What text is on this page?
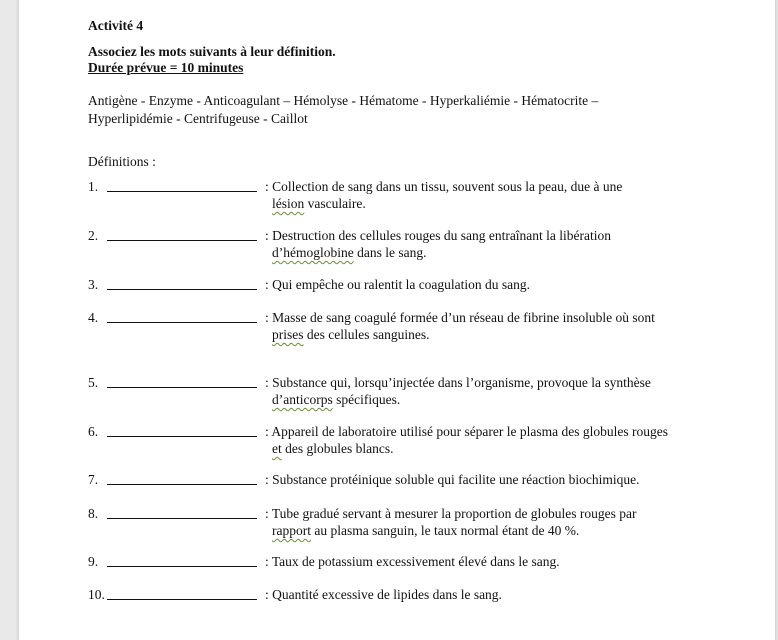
Activité 4
Associez les mots suivants à leur définition.
Durée prévue = 10 minutes
Antigène - Enzyme - Anticoagulant – Hémolyse - Hématome - Hyperkaliémie - Hématocrite –
Hyperlipidémie - Centrifugeuse - Caillot
Définitions :
1.	: Collection de sang dans un tissu, souvent sous la peau, due à une
lésion vasculaire.
2.	: Destruction des cellules rouges du sang entraînant la libération
d’hémoglobine dans le sang.
3.	: Qui empêche ou ralentit la coagulation du sang.
4.	: Masse de sang coagulé formée d’un réseau de fibrine insoluble où sont
prises des cellules sanguines.
5.	: Substance qui, lorsqu’injectée dans l’organisme, provoque la synthèse
d’anticorps spécifiques.
6.	: Appareil de laboratoire utilisé pour séparer le plasma des globules rouges
et des globules blancs.
7.	: Substance protéinique soluble qui facilite une réaction biochimique.
8.	: Tube gradué servant à mesurer la proportion de globules rouges par
rapport au plasma sanguin, le taux normal étant de 40 %.
9.	: Taux de potassium excessivement élevé dans le sang.
10.	: Quantité excessive de lipides dans le sang.
